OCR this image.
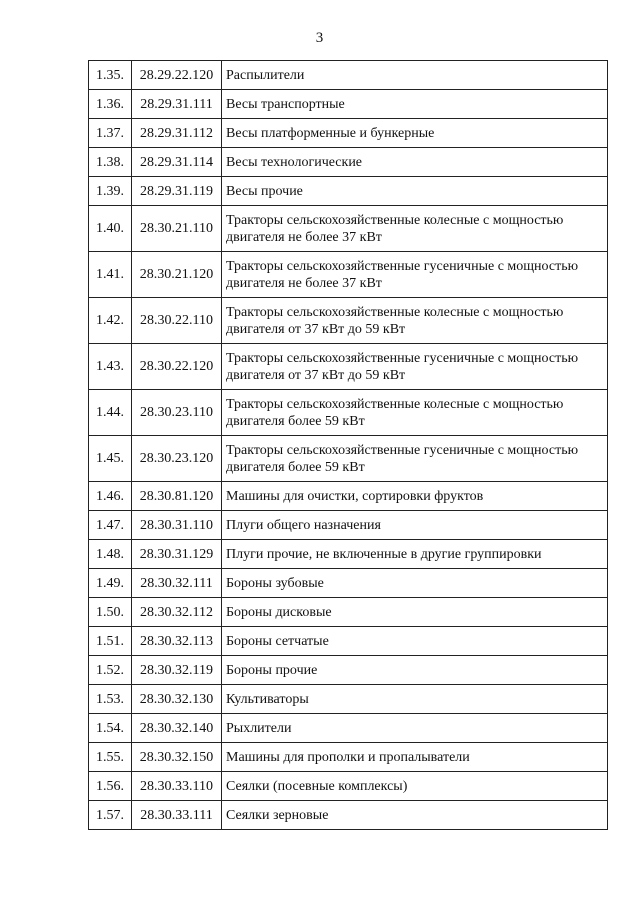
3
1.35.	28.29.22.120	Распылители
1.36.	28.29.31.111	Весы транспортные
1.37.	28.29.31.112	Весы платформенные и бункерные
1.38.	28.29.31.114	Весы технологические
1.39.	28.29.31.119	Весы прочие
1.40.	28.30.21.110	Тракторы сельскохозяйственные колесные с мощностью двигателя не более 37 кВт
1.41.	28.30.21.120	Тракторы сельскохозяйственные гусеничные с мощностью двигателя не более 37 кВт
1.42.	28.30.22.110	Тракторы сельскохозяйственные колесные с мощностью двигателя от 37 кВт до 59 кВт
1.43.	28.30.22.120	Тракторы сельскохозяйственные гусеничные с мощностью двигателя от 37 кВт до 59 кВт
1.44.	28.30.23.110	Тракторы сельскохозяйственные колесные с мощностью двигателя более 59 кВт
1.45.	28.30.23.120	Тракторы сельскохозяйственные гусеничные с мощностью двигателя более 59 кВт
1.46.	28.30.81.120	Машины для очистки, сортировки фруктов
1.47.	28.30.31.110	Плуги общего назначения
1.48.	28.30.31.129	Плуги прочие, не включенные в другие группировки
1.49.	28.30.32.111	Бороны зубовые
1.50.	28.30.32.112	Бороны дисковые
1.51.	28.30.32.113	Бороны сетчатые
1.52.	28.30.32.119	Бороны прочие
1.53.	28.30.32.130	Культиваторы
1.54.	28.30.32.140	Рыхлители
1.55.	28.30.32.150	Машины для прополки и пропалыватели
1.56.	28.30.33.110	Сеялки (посевные комплексы)
1.57.	28.30.33.111	Сеялки зерновые
